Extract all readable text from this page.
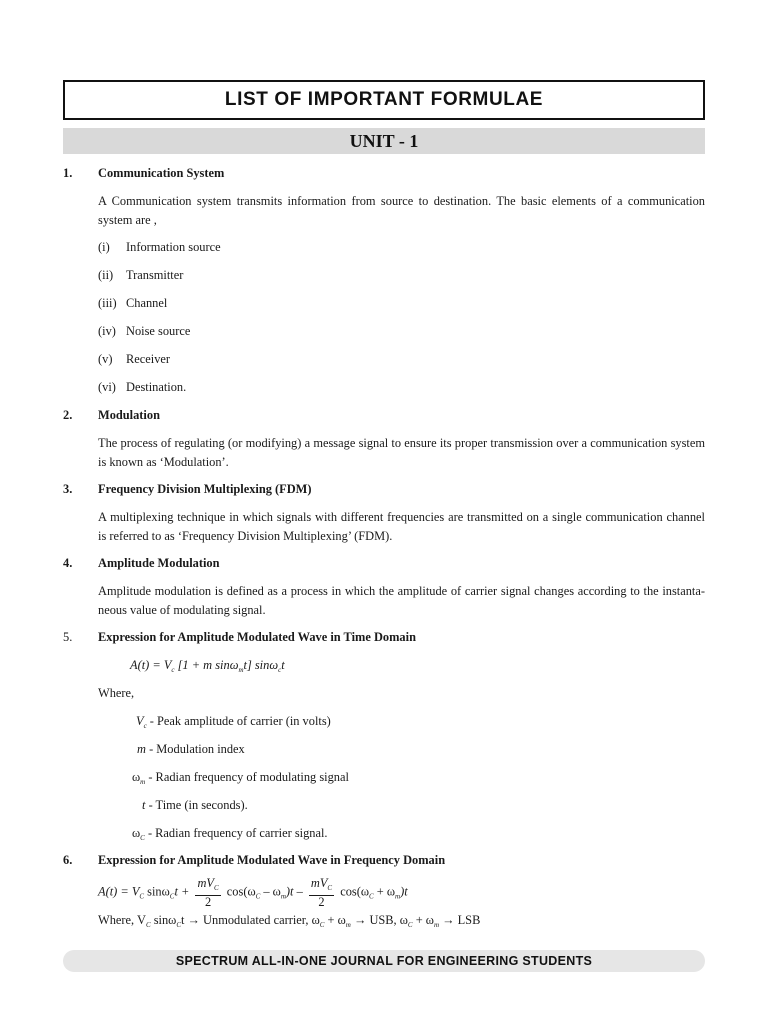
LIST OF IMPORTANT FORMULAE
UNIT - 1
1. Communication System
A Communication system transmits information from source to destination. The basic elements of a communication system are ,
(i) Information source
(ii) Transmitter
(iii) Channel
(iv) Noise source
(v) Receiver
(vi) Destination.
2. Modulation
The process of regulating (or modifying) a message signal to ensure its proper transmission over a communication system is known as ‘Modulation’.
3. Frequency Division Multiplexing (FDM)
A multiplexing technique in which signals with different frequencies are transmitted on a single communication channel is referred to as ‘Frequency Division Multiplexing’ (FDM).
4. Amplitude Modulation
Amplitude modulation is defined as a process in which the amplitude of carrier signal changes according to the instanta-neous value of modulating signal.
5. Expression for Amplitude Modulated Wave in Time Domain
$A(t) = V_c$ [1 + m sinω$_m$t] sinω$_c$t
Where,
$V_c$ - Peak amplitude of carrier (in volts)
m - Modulation index
$\omega_m$ - Radian frequency of modulating signal
t - Time (in seconds).
$\omega_C$ - Radian frequency of carrier signal.
6. Expression for Amplitude Modulated Wave in Frequency Domain
$A(t) = V_C$ $\sin\omega_Ct + \frac{mV_C}{2} \cos(\omega_C - \omega_m)t - \frac{mV_C}{2} \cos(\omega_C + \omega_m)t$
Where, $V_C$ sinω$_C$t → Unmodulated carrier, $\omega_C + \omega_m$ → USB, $\omega_C + \omega_m$ → LSB
SPECTRUM ALL-IN-ONE JOURNAL FOR ENGINEERING STUDENTS
